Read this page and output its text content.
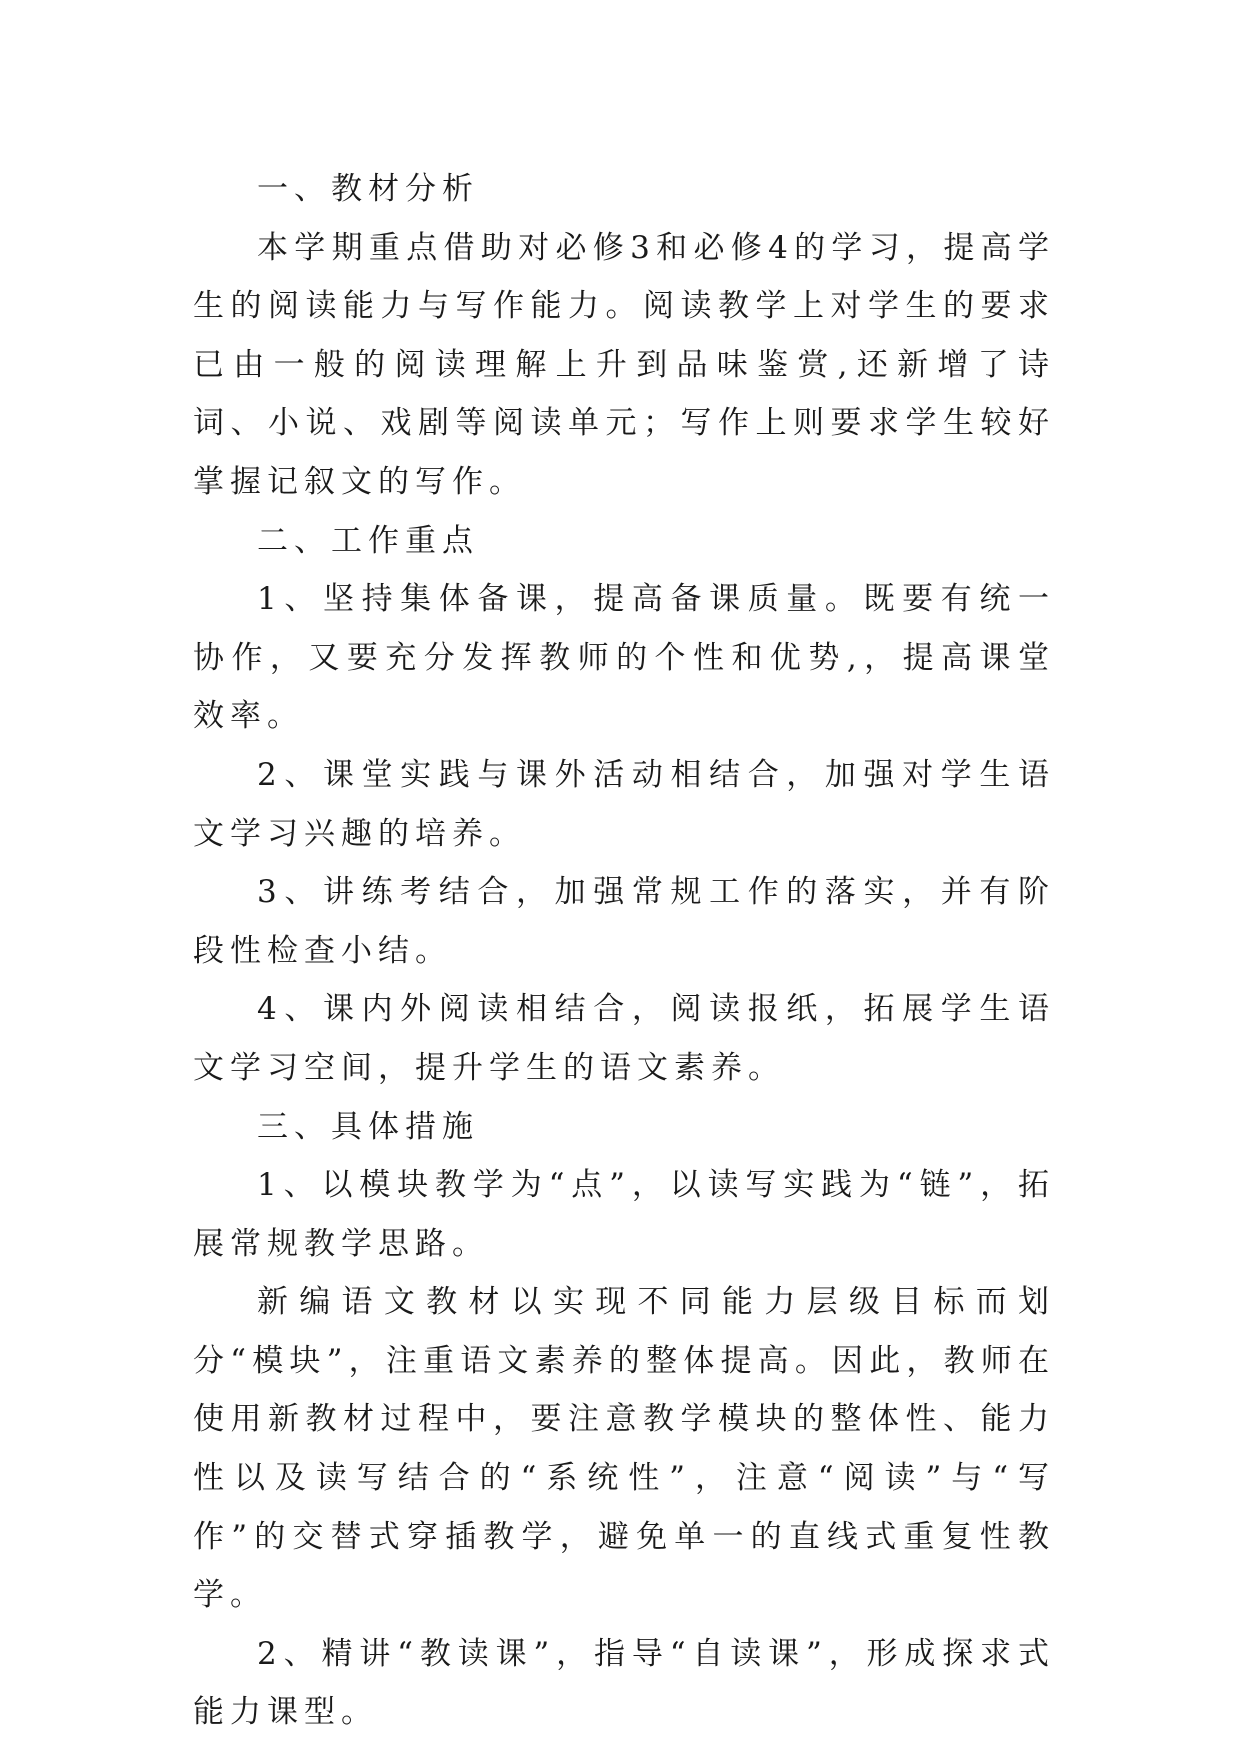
一、教材分析

本学期重点借助对必修3和必修4的学习，提高学生的阅读能力与写作能力。阅读教学上对学生的要求已由一般的阅读理解上升到品味鉴赏,还新增了诗词、小说、戏剧等阅读单元；写作上则要求学生较好掌握记叙文的写作。

二、工作重点

1、坚持集体备课，提高备课质量。既要有统一协作，又要充分发挥教师的个性和优势,，提高课堂效率。

2、课堂实践与课外活动相结合，加强对学生语文学习兴趣的培养。

3、讲练考结合，加强常规工作的落实，并有阶段性检查小结。

4、课内外阅读相结合，阅读报纸，拓展学生语文学习空间，提升学生的语文素养。

三、具体措施

1、以模块教学为“点”，以读写实践为“链”，拓展常规教学思路。

新编语文教材以实现不同能力层级目标而划分“模块”，注重语文素养的整体提高。因此，教师在使用新教材过程中，要注意教学模块的整体性、能力性以及读写结合的“系统性”，注意“阅读”与“写作”的交替式穿插教学，避免单一的直线式重复性教学。

2、精讲“教读课”，指导“自读课”，形成探求式能力课型。
